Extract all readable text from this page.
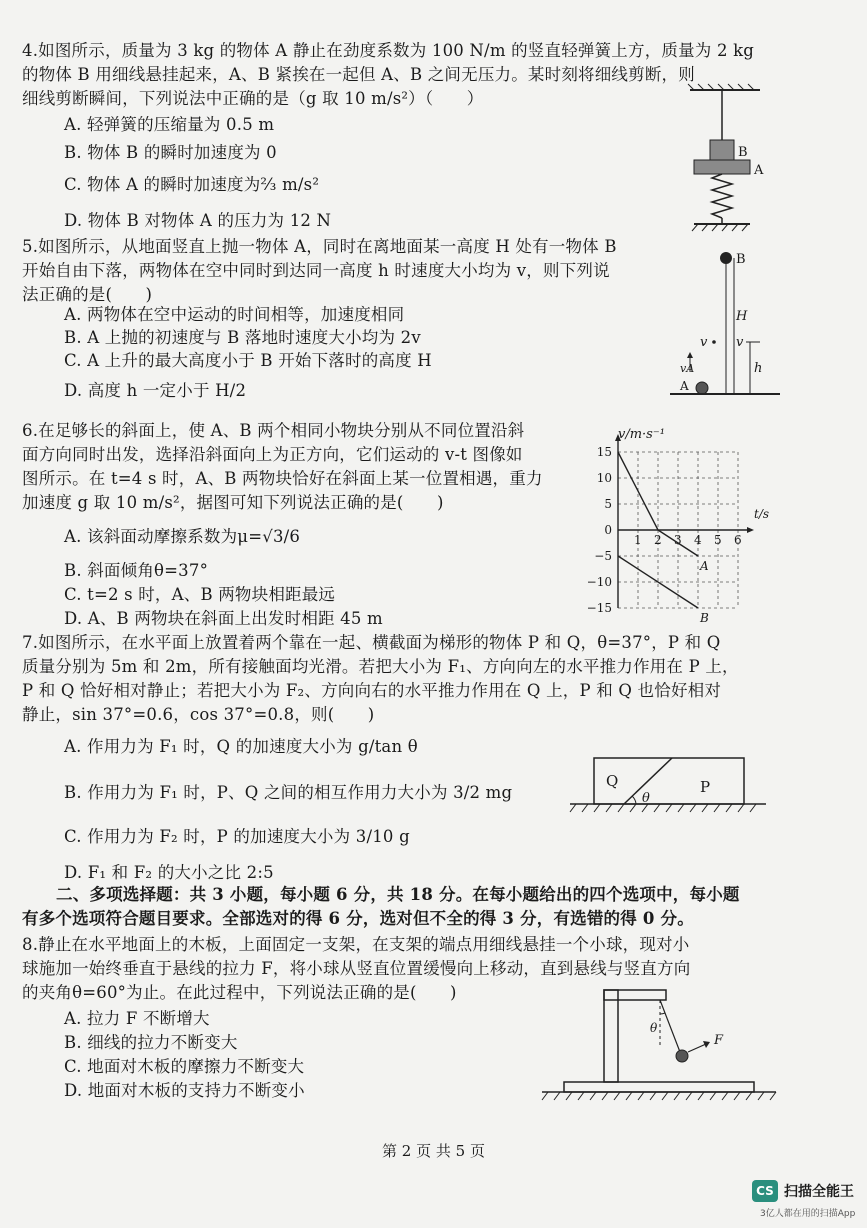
4.如图所示，质量为 3 kg 的物体 A 静止在劲度系数为 100 N/m 的竖直轻弹簧上方，质量为 2 kg
的物体 B 用细线悬挂起来，A、B 紧挨在一起但 A、B 之间无压力。某时刻将细线剪断，则
细线剪断瞬间，下列说法中正确的是（g 取 10 m/s²）（　　）
A. 轻弹簧的压缩量为 0.5 m
B. 物体 B 的瞬时加速度为 0
C. 物体 A 的瞬时加速度为⅔ m/s²
D. 物体 B 对物体 A 的压力为 12 N
B
A
5.如图所示，从地面竖直上抛一物体 A，同时在离地面某一高度 H 处有一物体 B
开始自由下落，两物体在空中同时到达同一高度 h 时速度大小均为 v，则下列说
法正确的是(　　)
A. 两物体在空中运动的时间相等，加速度相同
B. A 上抛的初速度与 B 落地时速度大小均为 2v
C. A 上升的最大高度小于 B 开始下落时的高度 H
D. 高度 h 一定小于 H/2
B
H
v v
vA
A
h
6.在足够长的斜面上，使 A、B 两个相同小物块分别从不同位置沿斜
面方向同时出发，选择沿斜面向上为正方向，它们运动的 v-t 图像如
图所示。在 t=4 s 时，A、B 两物块恰好在斜面上某一位置相遇，重力
加速度 g 取 10 m/s²，据图可知下列说法正确的是(　　)
A. 该斜面动摩擦系数为μ=√3/6
B. 斜面倾角θ=37°
C. t=2 s 时，A、B 两物块相距最远
D. A、B 两物块在斜面上出发时相距 45 m
1 2 3 4 5 6
15
10
5
0
−5
−10
−15
A
B
v/m·s⁻¹
t/s
7.如图所示，在水平面上放置着两个靠在一起、横截面为梯形的物体 P 和 Q，θ=37°，P 和 Q
质量分别为 5m 和 2m，所有接触面均光滑。若把大小为 F₁、方向向左的水平推力作用在 P 上，
P 和 Q 恰好相对静止；若把大小为 F₂、方向向右的水平推力作用在 Q 上，P 和 Q 也恰好相对
静止，sin 37°=0.6，cos 37°=0.8，则(　　)
A. 作用力为 F₁ 时，Q 的加速度大小为 g/tan θ
B. 作用力为 F₁ 时，P、Q 之间的相互作用力大小为 3/2 mg
C. 作用力为 F₂ 时，P 的加速度大小为 3/10 g
D. F₁ 和 F₂ 的大小之比 2:5
Q	P
θ
二、多项选择题：共 3 小题，每小题 6 分，共 18 分。在每小题给出的四个选项中，每小题
有多个选项符合题目要求。全部选对的得 6 分，选对但不全的得 3 分，有选错的得 0 分。
8.静止在水平地面上的木板，上面固定一支架，在支架的端点用细线悬挂一个小球，现对小
球施加一始终垂直于悬线的拉力 F，将小球从竖直位置缓慢向上移动，直到悬线与竖直方向
的夹角θ=60°为止。在此过程中，下列说法正确的是(　　)
A. 拉力 F 不断增大
B. 细线的拉力不断变大
C. 地面对木板的摩擦力不断变大
D. 地面对木板的支持力不断变小
θ
F
第 2 页 共 5 页
CS 扫描全能王
3亿人都在用的扫描App
